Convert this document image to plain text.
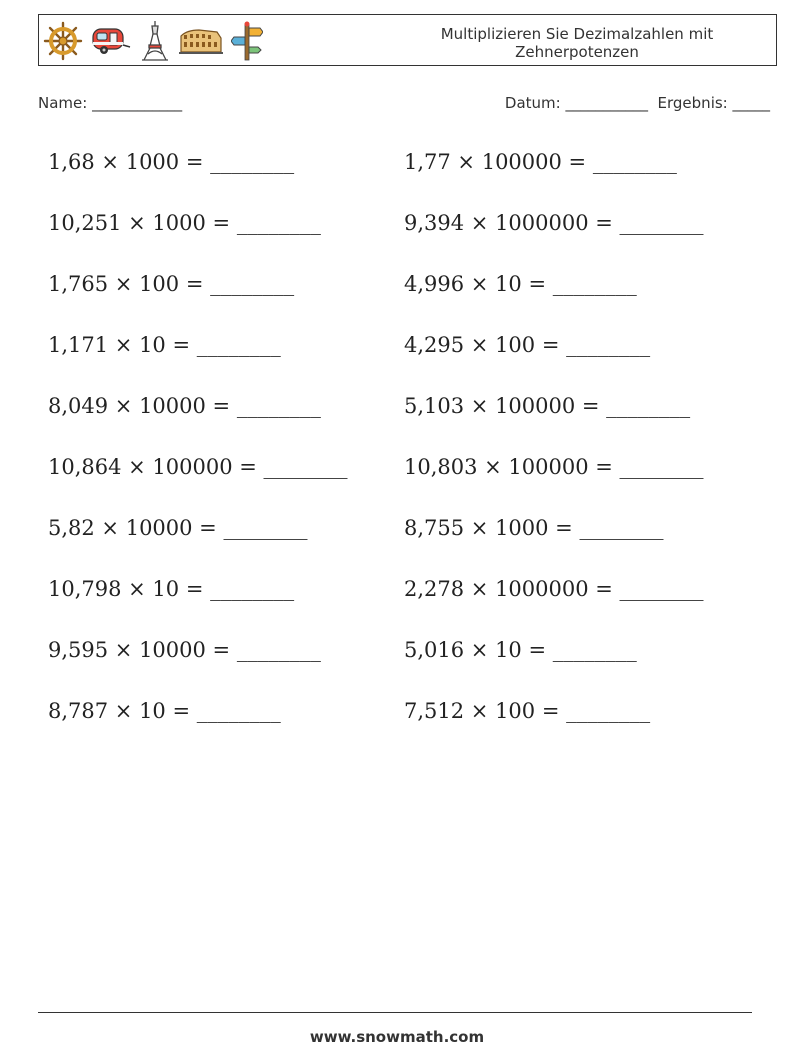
Multiplizieren Sie Dezimalzahlen mit Zehnerpotenzen
Name: ____________	Datum: ___________ Ergebnis: _____
1,68 × 1000 = ________	1,77 × 100000 = ________
10,251 × 1000 = ________	9,394 × 1000000 = ________
1,765 × 100 = ________	4,996 × 10 = ________
1,171 × 10 = ________	4,295 × 100 = ________
8,049 × 10000 = ________	5,103 × 100000 = ________
10,864 × 100000 = ________	10,803 × 100000 = ________
5,82 × 10000 = ________	8,755 × 1000 = ________
10,798 × 10 = ________	2,278 × 1000000 = ________
9,595 × 10000 = ________	5,016 × 10 = ________
8,787 × 10 = ________	7,512 × 100 = ________
www.snowmath.com
